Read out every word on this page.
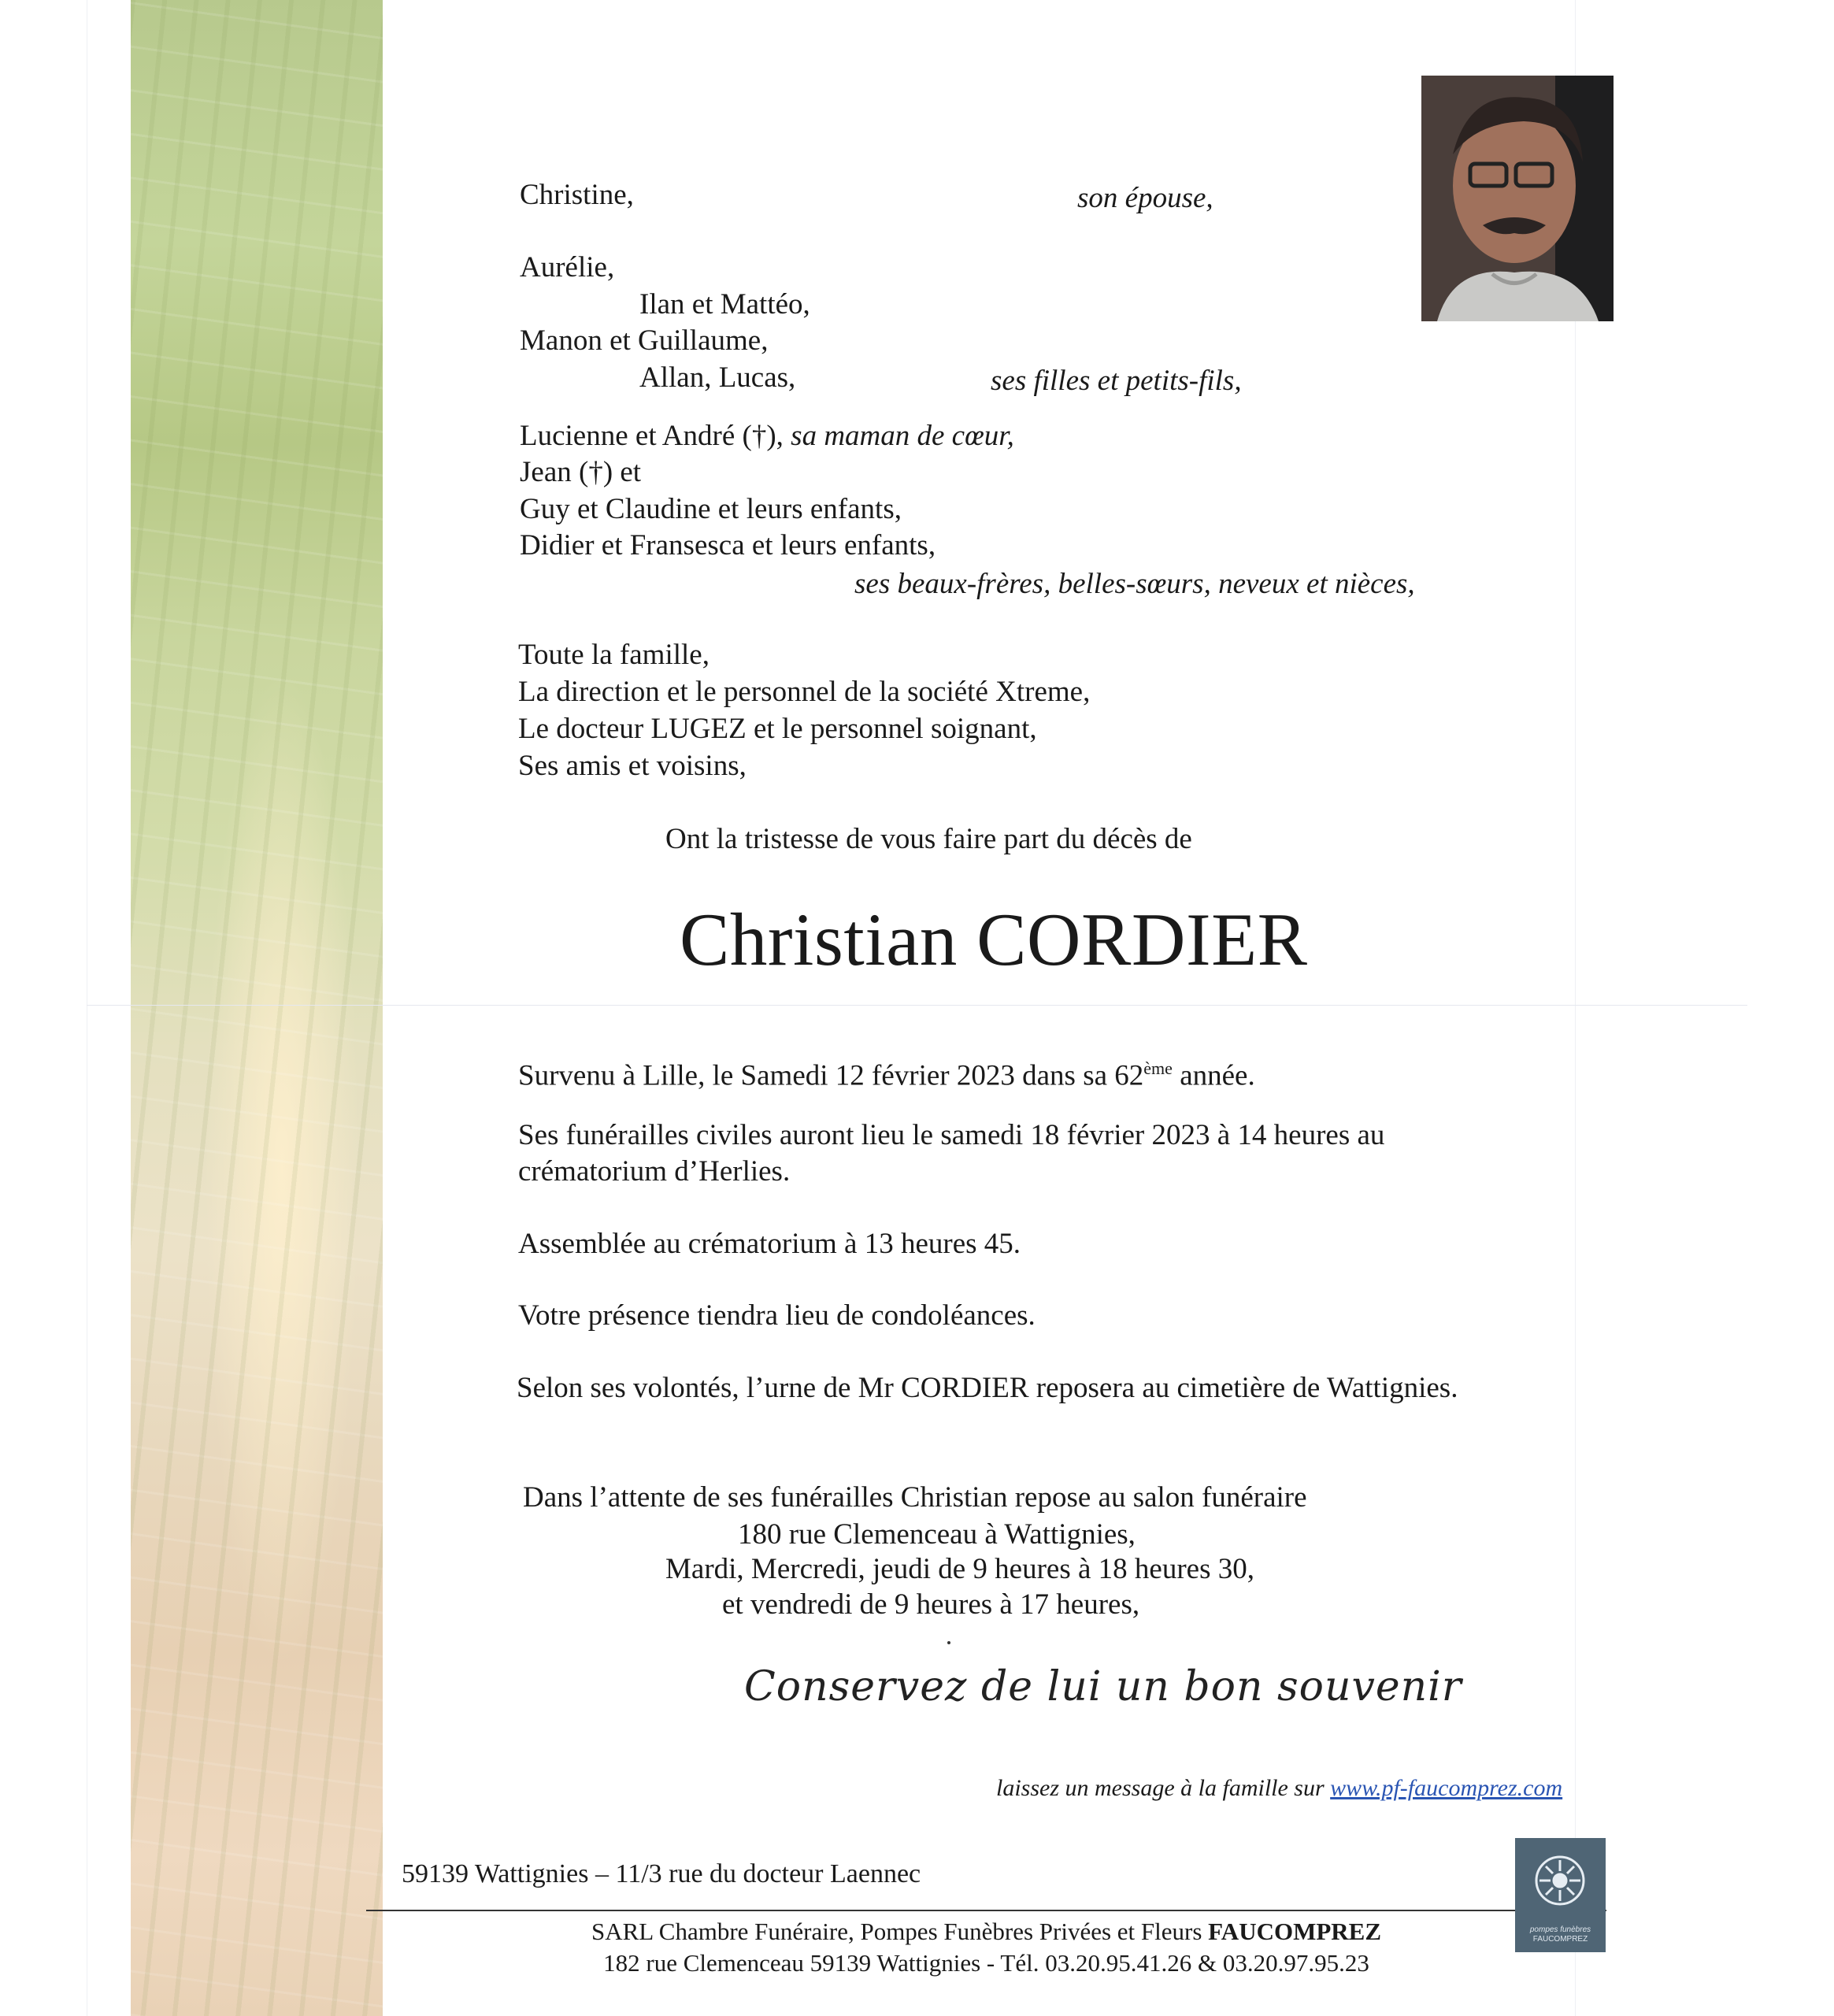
Christine,	son épouse,
Aurélie,
Ilan et Mattéo,
Manon et Guillaume,
Allan, Lucas,	ses filles et petits-fils,
Lucienne et André (†), sa maman de cœur,
Jean (†) et
Guy et Claudine et leurs enfants,
Didier et Fransesca et leurs enfants,
ses beaux-frères, belles-sœurs, neveux et nièces,
Toute la famille,
La direction et le personnel de la société Xtreme,
Le docteur LUGEZ et le personnel soignant,
Ses amis et voisins,
Ont la tristesse de vous faire part du décès de
Christian CORDIER
Survenu à Lille, le Samedi 12 février 2023 dans sa 62ème année.
Ses funérailles civiles auront lieu le samedi 18 février 2023 à 14 heures au
crématorium d’Herlies.
Assemblée au crématorium à 13 heures 45.
Votre présence tiendra lieu de condoléances.
Selon ses volontés, l’urne de Mr CORDIER reposera au cimetière de Wattignies.
Dans l’attente de ses funérailles Christian repose au salon funéraire
180 rue Clemenceau à Wattignies,
Mardi, Mercredi, jeudi de 9 heures à 18 heures 30,
et vendredi de 9 heures à 17 heures,
Conservez de lui un bon souvenir
laissez un message à la famille sur www.pf-faucomprez.com
59139 Wattignies – 11/3 rue du docteur Laennec
SARL Chambre Funéraire, Pompes Funèbres Privées et Fleurs FAUCOMPREZ
182 rue Clemenceau 59139 Wattignies - Tél. 03.20.95.41.26 & 03.20.97.95.23
pompes funèbres
FAUCOMPREZ
